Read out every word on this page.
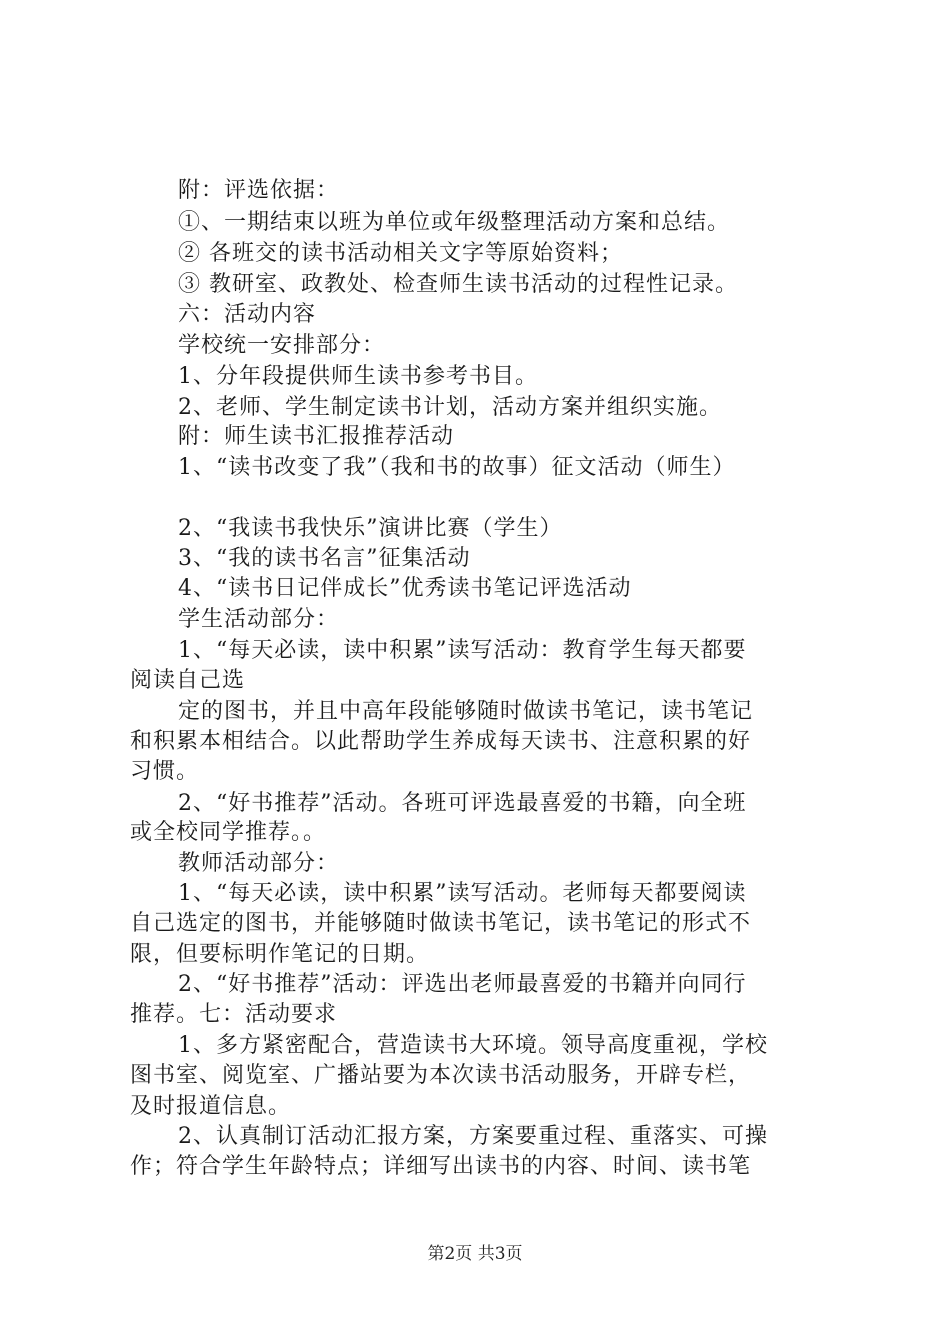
附：评选依据：
①、一期结束以班为单位或年级整理活动方案和总结。
② 各班交的读书活动相关文字等原始资料；
③ 教研室、政教处、检查师生读书活动的过程性记录。
六：活动内容
学校统一安排部分：
1、分年段提供师生读书参考书目。
2、老师、学生制定读书计划，活动方案并组织实施。
附：师生读书汇报推荐活动
1、“读书改变了我”（我和书的故事）征文活动（师生）
2、“我读书我快乐”演讲比赛（学生）
3、“我的读书名言”征集活动
4、“读书日记伴成长”优秀读书笔记评选活动
学生活动部分：
1、“每天必读，读中积累”读写活动：教育学生每天都要
阅读自己选
定的图书，并且中高年段能够随时做读书笔记，读书笔记
和积累本相结合。以此帮助学生养成每天读书、注意积累的好
习惯。
2、“好书推荐”活动。各班可评选最喜爱的书籍，向全班
或全校同学推荐。。
教师活动部分：
1、“每天必读，读中积累”读写活动。老师每天都要阅读
自己选定的图书，并能够随时做读书笔记，读书笔记的形式不
限，但要标明作笔记的日期。
2、“好书推荐”活动：评选出老师最喜爱的书籍并向同行
推荐。七：活动要求
1、多方紧密配合，营造读书大环境。领导高度重视，学校
图书室、阅览室、广播站要为本次读书活动服务，开辟专栏，
及时报道信息。
2、认真制订活动汇报方案，方案要重过程、重落实、可操
作；符合学生年龄特点；详细写出读书的内容、时间、读书笔
第2页 共3页
